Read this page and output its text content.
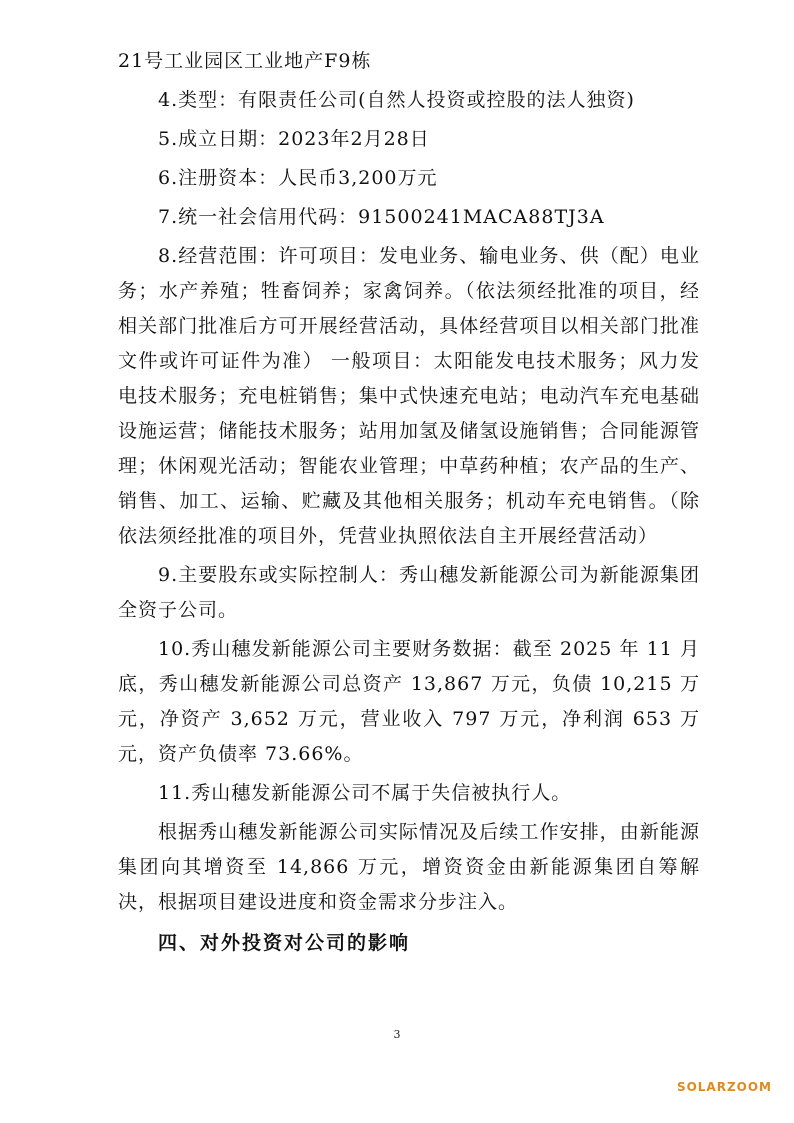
21号工业园区工业地产F9栋

4.类型：有限责任公司(自然人投资或控股的法人独资)

5.成立日期：2023年2月28日

6.注册资本：人民币3,200万元

7.统一社会信用代码：91500241MACA88TJ3A

8.经营范围：许可项目：发电业务、输电业务、供（配）电业务；水产养殖；牲畜饲养；家禽饲养。（依法须经批准的项目，经相关部门批准后方可开展经营活动，具体经营项目以相关部门批准文件或许可证件为准） 一般项目：太阳能发电技术服务；风力发电技术服务；充电桩销售；集中式快速充电站；电动汽车充电基础设施运营；储能技术服务；站用加氢及储氢设施销售；合同能源管理；休闲观光活动；智能农业管理；中草药种植；农产品的生产、销售、加工、运输、贮藏及其他相关服务；机动车充电销售。（除依法须经批准的项目外，凭营业执照依法自主开展经营活动）

9.主要股东或实际控制人：秀山穗发新能源公司为新能源集团全资子公司。

10.秀山穗发新能源公司主要财务数据：截至 2025 年 11 月底，秀山穗发新能源公司总资产 13,867 万元，负债 10,215 万元，净资产 3,652 万元，营业收入 797 万元，净利润 653 万元，资产负债率 73.66%。

11.秀山穗发新能源公司不属于失信被执行人。

根据秀山穗发新能源公司实际情况及后续工作安排，由新能源集团向其增资至 14,866 万元，增资资金由新能源集团自筹解决，根据项目建设进度和资金需求分步注入。

四、对外投资对公司的影响

3
SOLARZOOM
